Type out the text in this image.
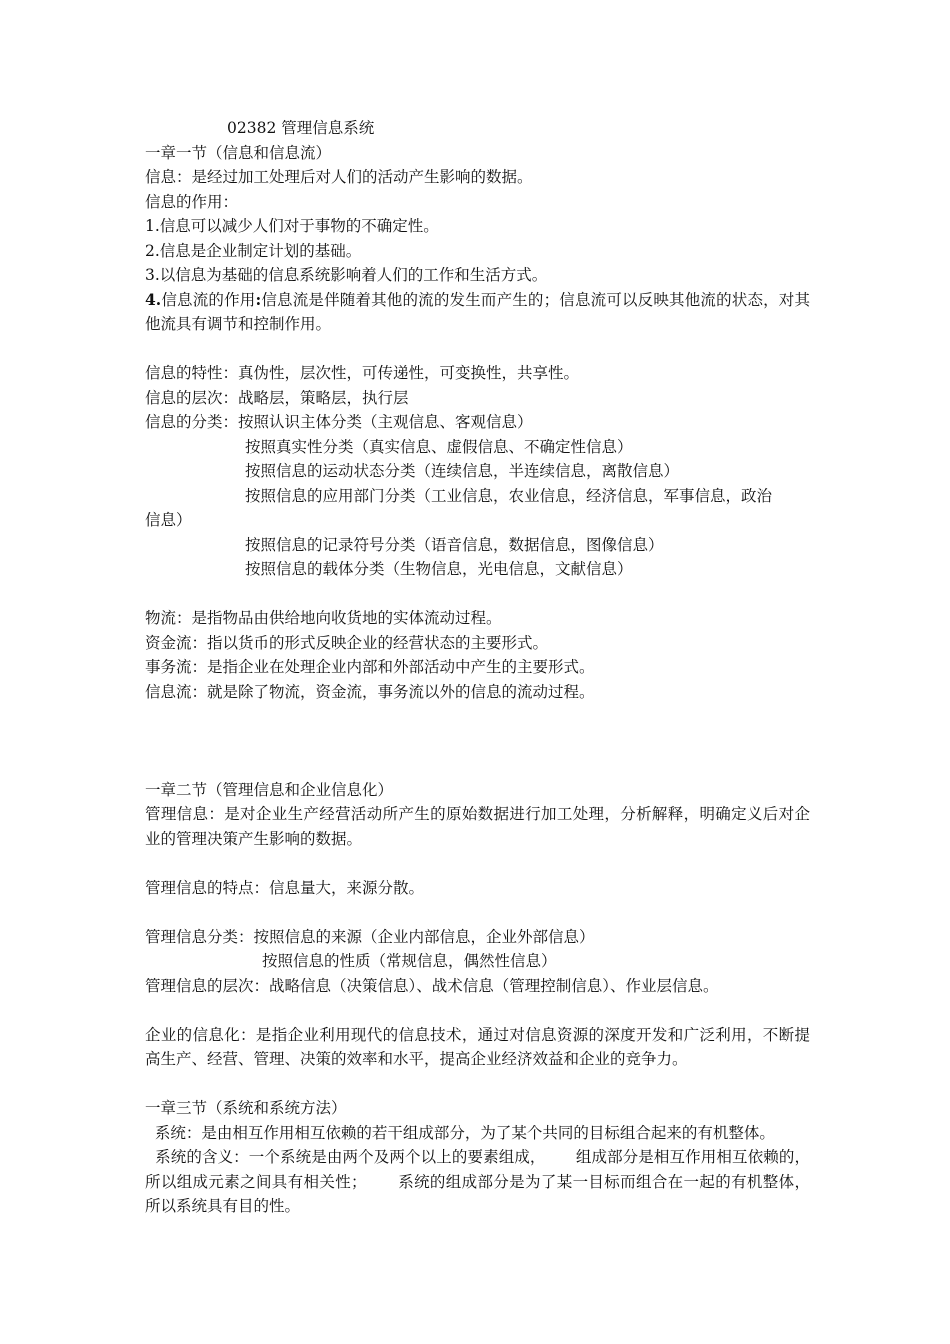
02382 管理信息系统

一章一节（信息和信息流）

信息：是经过加工处理后对人们的活动产生影响的数据。

信息的作用：

1.信息可以减少人们对于事物的不确定性。

2.信息是企业制定计划的基础。

3.以信息为基础的信息系统影响着人们的工作和生活方式。

4.信息流的作用:信息流是伴随着其他的流的发生而产生的；信息流可以反映其他流的状态，对其他流具有调节和控制作用。

信息的特性：真伪性，层次性，可传递性，可变换性，共享性。

信息的层次：战略层，策略层，执行层

信息的分类：按照认识主体分类（主观信息、客观信息）

按照真实性分类（真实信息、虚假信息、不确定性信息）

按照信息的运动状态分类（连续信息，半连续信息，离散信息）

按照信息的应用部门分类（工业信息，农业信息，经济信息，军事信息，政治

信息）

按照信息的记录符号分类（语音信息，数据信息，图像信息）

按照信息的载体分类（生物信息，光电信息，文献信息）

物流：是指物品由供给地向收货地的实体流动过程。

资金流：指以货币的形式反映企业的经营状态的主要形式。

事务流：是指企业在处理企业内部和外部活动中产生的主要形式。

信息流：就是除了物流，资金流，事务流以外的信息的流动过程。

一章二节（管理信息和企业信息化）

管理信息：是对企业生产经营活动所产生的原始数据进行加工处理，分析解释，明确定义后对企业的管理决策产生影响的数据。

管理信息的特点：信息量大，来源分散。

管理信息分类：按照信息的来源（企业内部信息，企业外部信息）

按照信息的性质（常规信息，偶然性信息）

管理信息的层次：战略信息（决策信息）、战术信息（管理控制信息）、作业层信息。

企业的信息化：是指企业利用现代的信息技术，通过对信息资源的深度开发和广泛利用，不断提高生产、经营、管理、决策的效率和水平，提高企业经济效益和企业的竞争力。

一章三节（系统和系统方法）

系统：是由相互作用相互依赖的若干组成部分，为了某个共同的目标组合起来的有机整体。

系统的含义：一个系统是由两个及两个以上的要素组成，      组成部分是相互作用相互依赖的，所以组成元素之间具有相关性；      系统的组成部分是为了某一目标而组合在一起的有机整体，所以系统具有目的性。
